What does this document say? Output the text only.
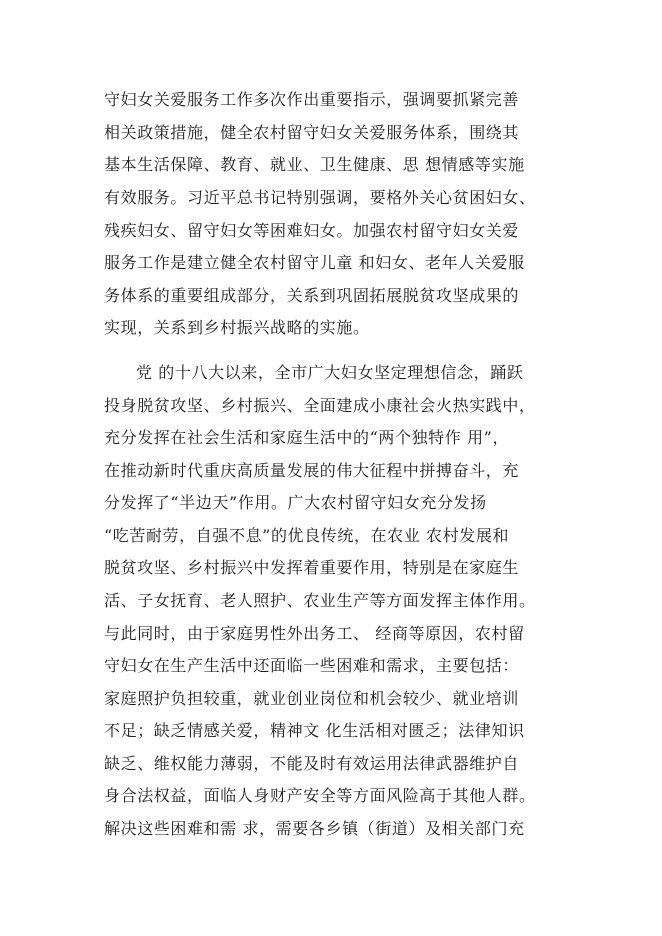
守妇女关爱服务工作多次作出重要指示，强调要抓紧完善
相关政策措施，健全农村留守妇女关爱服务体系，围绕其
基本生活保障、教育、就业、卫生健康、思 想情感等实施
有效服务。习近平总书记特别强调，要格外关心贫困妇女、
残疾妇女、留守妇女等困难妇女。加强农村留守妇女关爱
服务工作是建立健全农村留守儿童 和妇女、老年人关爱服
务体系的重要组成部分，关系到巩固拓展脱贫攻坚成果的
实现，关系到乡村振兴战略的实施。
党 的十八大以来，全市广大妇女坚定理想信念，踊跃
投身脱贫攻坚、乡村振兴、全面建成小康社会火热实践中，
充分发挥在社会生活和家庭生活中的“两个独特作 用”，
在推动新时代重庆高质量发展的伟大征程中拼搏奋斗，充
分发挥了“半边天”作用。广大农村留守妇女充分发扬
“吃苦耐劳，自强不息”的优良传统，在农业 农村发展和
脱贫攻坚、乡村振兴中发挥着重要作用，特别是在家庭生
活、子女抚育、老人照护、农业生产等方面发挥主体作用。
与此同时，由于家庭男性外出务工、 经商等原因，农村留
守妇女在生产生活中还面临一些困难和需求，主要包括：
家庭照护负担较重，就业创业岗位和机会较少、就业培训
不足；缺乏情感关爱，精神文 化生活相对匮乏；法律知识
缺乏、维权能力薄弱，不能及时有效运用法律武器维护自
身合法权益，面临人身财产安全等方面风险高于其他人群。
解决这些困难和需 求，需要各乡镇（街道）及相关部门充
